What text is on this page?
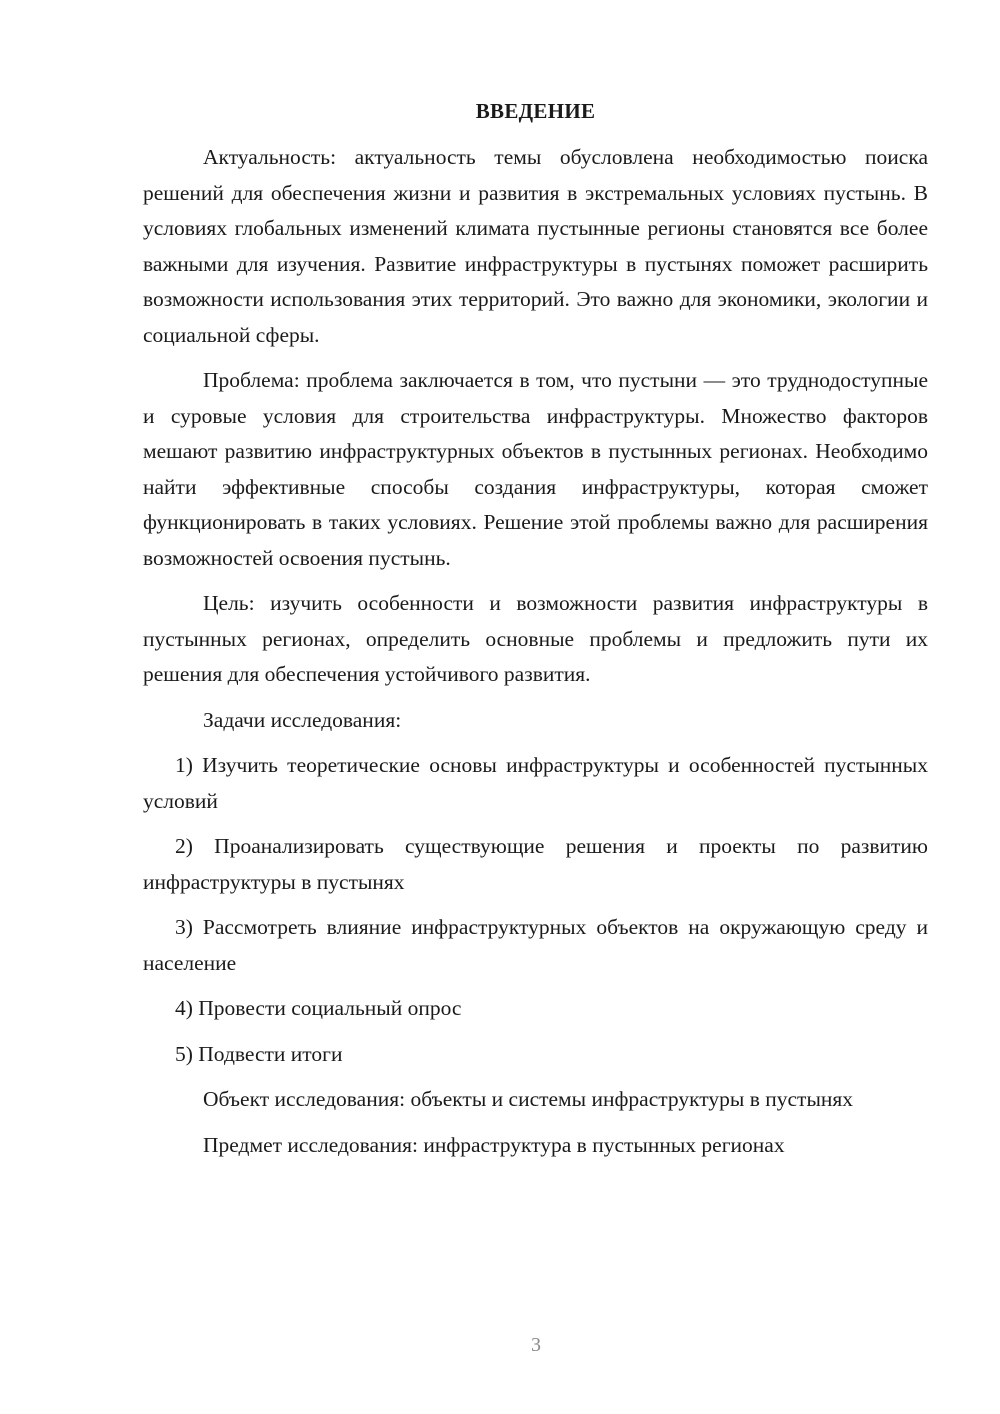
ВВЕДЕНИЕ

Актуальность: актуальность темы обусловлена необходимостью поиска решений для обеспечения жизни и развития в экстремальных условиях пустынь. В условиях глобальных изменений климата пустынные регионы становятся все более важными для изучения. Развитие инфраструктуры в пустынях поможет расширить возможности использования этих территорий. Это важно для экономики, экологии и социальной сферы.

Проблема: проблема заключается в том, что пустыни — это труднодоступные и суровые условия для строительства инфраструктуры. Множество факторов мешают развитию инфраструктурных объектов в пустынных регионах. Необходимо найти эффективные способы создания инфраструктуры, которая сможет функционировать в таких условиях. Решение этой проблемы важно для расширения возможностей освоения пустынь.

Цель: изучить особенности и возможности развития инфраструктуры в пустынных регионах, определить основные проблемы и предложить пути их решения для обеспечения устойчивого развития.

Задачи исследования:

1) Изучить теоретические основы инфраструктуры и особенностей пустынных условий

2) Проанализировать существующие решения и проекты по развитию инфраструктуры в пустынях

3) Рассмотреть влияние инфраструктурных объектов на окружающую среду и население

4) Провести социальный опрос

5) Подвести итоги

Объект исследования: объекты и системы инфраструктуры в пустынях

Предмет исследования: инфраструктура в пустынных регионах

3
